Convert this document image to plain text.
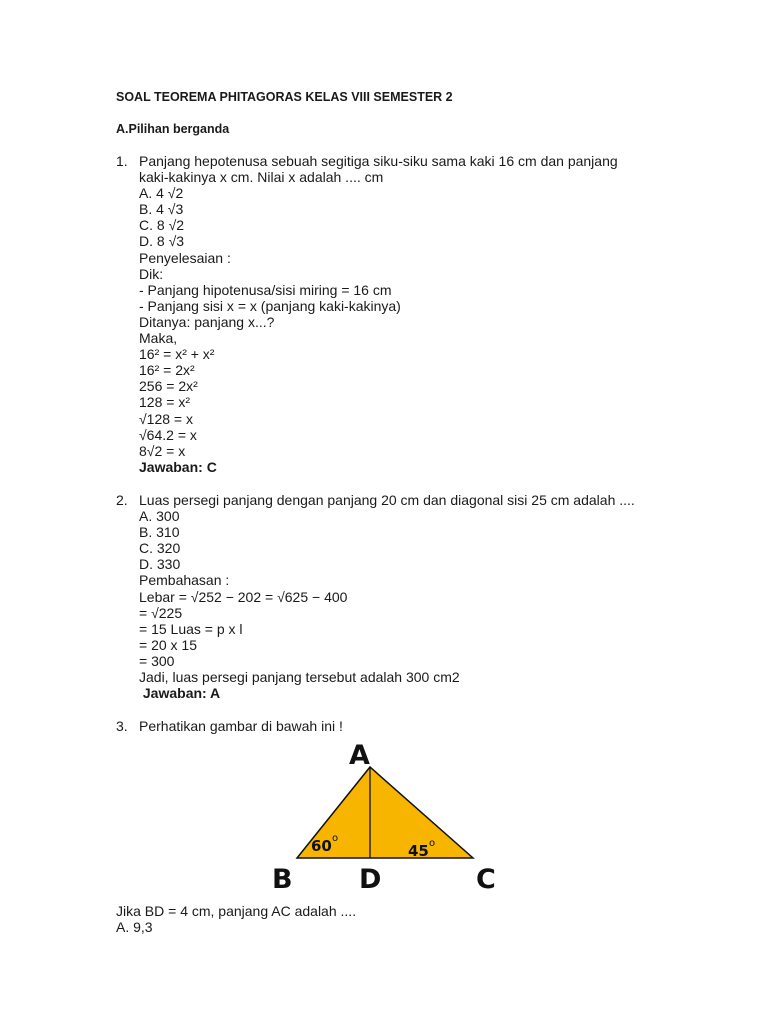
SOAL TEOREMA PHITAGORAS KELAS VIII SEMESTER 2
A.Pilihan berganda
1. Panjang hepotenusa sebuah segitiga siku-siku sama kaki 16 cm dan panjang
kaki-kakinya x cm. Nilai x adalah .... cm
A. 4 √2
B. 4 √3
C. 8 √2
D. 8 √3
Penyelesaian :
Dik:
- Panjang hipotenusa/sisi miring = 16 cm
- Panjang sisi x = x (panjang kaki-kakinya)
Ditanya: panjang x...?
Maka,
16² = x² + x²
16² = 2x²
256 = 2x²
128 = x²
√128 = x
√64.2 = x
8√2 = x
Jawaban: C
2. Luas persegi panjang dengan panjang 20 cm dan diagonal sisi 25 cm adalah ....
A. 300
B. 310
C. 320
D. 330
Pembahasan :
Lebar = √252 − 202 = √625 − 400
= √225
= 15 Luas = p x l
= 20 x 15
= 300
Jadi, luas persegi panjang tersebut adalah 300 cm2
Jawaban: A
3. Perhatikan gambar di bawah ini !
A
B D	C
60 o
45 o
Jika BD = 4 cm, panjang AC adalah ....
A. 9,3
